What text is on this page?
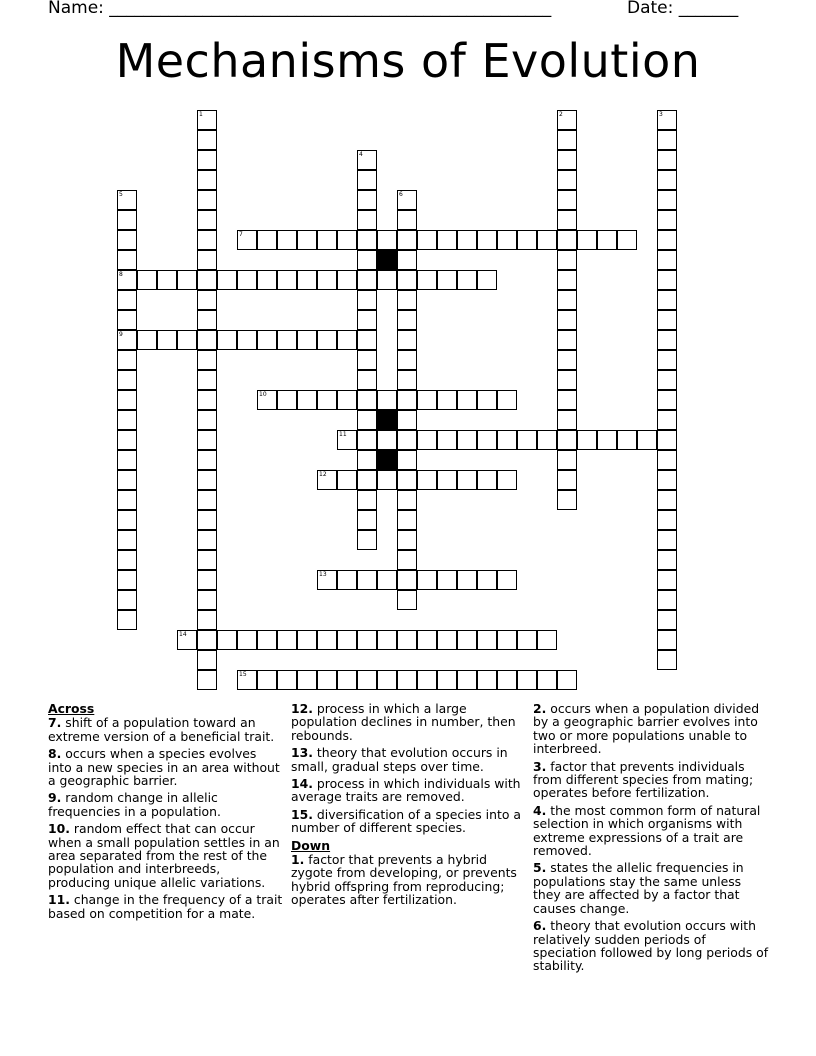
Name: ____________________________________________________	Date: _______
Mechanisms of Evolution
7
8
9
10
11
12
13
14
15
1	2	3
4
5	6
Across
7. shift of a population toward an extreme version of a beneficial trait.
8. occurs when a species evolves into a new species in an area without a geographic barrier.
9. random change in allelic frequencies in a population.
10. random effect that can occur when a small population settles in an area separated from the rest of the population and interbreeds, producing unique allelic variations.
11. change in the frequency of a trait based on competition for a mate.
12. process in which a large population declines in number, then rebounds.
13. theory that evolution occurs in small, gradual steps over time.
14. process in which individuals with average traits are removed.
15. diversification of a species into a number of different species.
Down
1. factor that prevents a hybrid zygote from developing, or prevents hybrid offspring from reproducing; operates after fertilization.
2. occurs when a population divided by a geographic barrier evolves into two or more populations unable to interbreed.
3. factor that prevents individuals from different species from mating; operates before fertilization.
4. the most common form of natural selection in which organisms with extreme expressions of a trait are removed.
5. states the allelic frequencies in populations stay the same unless they are affected by a factor that causes change.
6. theory that evolution occurs with relatively sudden periods of speciation followed by long periods of stability.
